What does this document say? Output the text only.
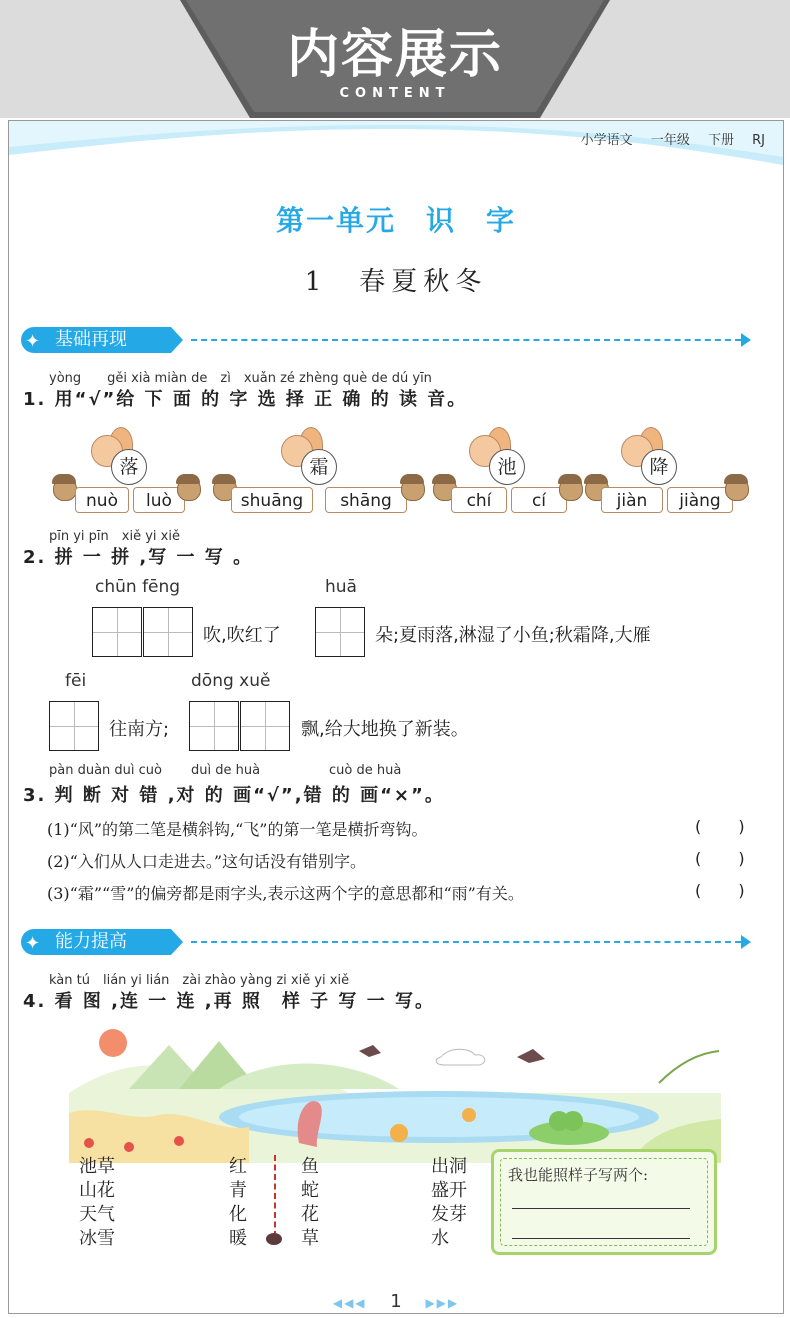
内容展示
CONTENT
小学语文 一年级 下册 RJ
第一单元　识　字
1　春夏秋冬
✦ 基础再现
yòng　　gěi xià miàn de　zì　xuǎn zé zhèng què de dú yīn
1. 用“√”给 下 面 的 字 选 择 正 确 的 读 音。
落
nuò	luò
霜
shuāng	shāng
池
chí	cí
降
jiàn	jiàng
pīn yi pīn　xiě yi xiě
2. 拼 一 拼 ,写 一 写 。
chūn fēng	huā
吹,吹红了	朵;夏雨落,淋湿了小鱼;秋霜降,大雁
fēi	dōng xuě
往南方;	飘,给大地换了新装。
pàn duàn duì cuò duì de huà	cuò de huà
3. 判 断 对 错 ,对 的 画“√”,错 的 画“×”。
(1)“风”的第二笔是横斜钩,“飞”的第一笔是横折弯钩。	( )
(2)“入们从人口走进去。”这句话没有错别字。	( )
(3)“霜”“雪”的偏旁都是雨字头,表示这两个字的意思都和“雨”有关。	( )
✦ 能力提高
kàn tú　lián yi lián　zài zhào yàng zi xiě yi xiě
4. 看 图 ,连 一 连 ,再 照　样 子 写 一 写。
池草
山花
天气
冰雪
红
青
化
暖
鱼
蛇
花
草
出洞
盛开
发芽
水
我也能照样子写两个:
◀◀◀ 1 ▶▶▶
